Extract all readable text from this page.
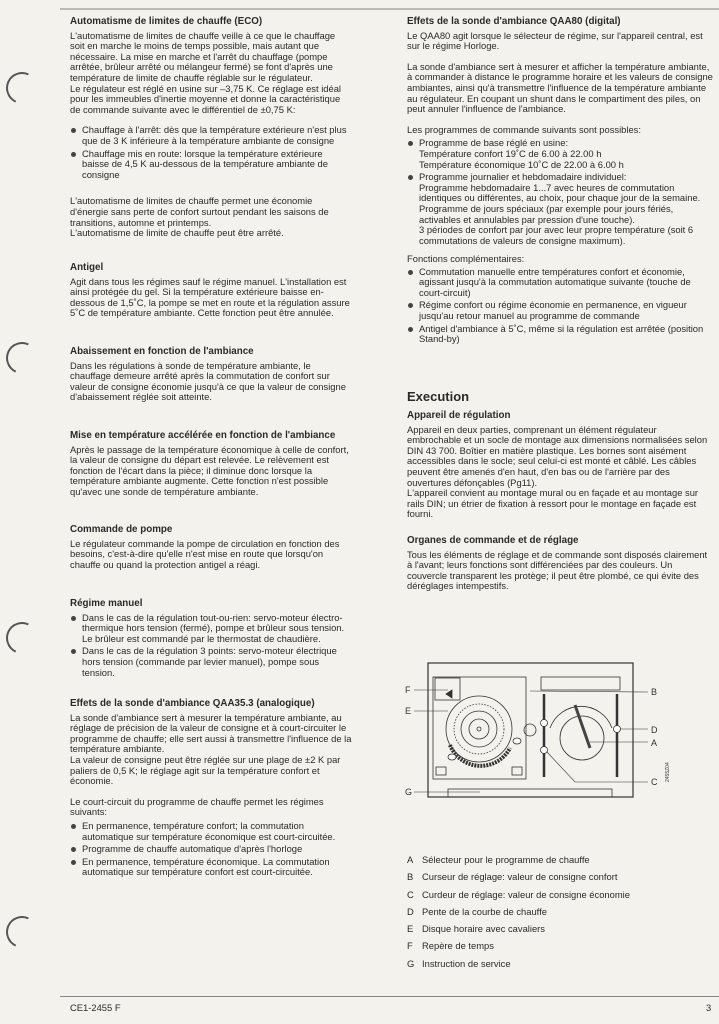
Automatisme de limites de chauffe (ECO)

L'automatisme de limites de chauffe veille à ce que le chauffage soit en marche le moins de temps possible, mais autant que nécessaire. La mise en marche et l'arrêt du chauffage (pompe arrêtée, brûleur arrêté ou mélangeur fermé) se font d'après une température de limite de chauffe réglable sur le régulateur.

Le régulateur est réglé en usine sur –3,75 K. Ce réglage est idéal pour les immeubles d'inertie moyenne et donne la caractéristique de commande suivante avec le différentiel de ±0,75 K:

Chauffage à l'arrêt: dès que la température extérieure n'est plus que de 3 K inférieure à la température ambiante de consigne
Chauffage mis en route: lorsque la température extérieure baisse de 4,5 K au-dessous de la température ambiante de consigne

L'automatisme de limites de chauffe permet une économie d'énergie sans perte de confort surtout pendant les saisons de transitions, automne et printemps.

L'automatisme de limite de chauffe peut être arrêté.

Antigel

Agit dans tous les régimes sauf le régime manuel. L'installation est ainsi protégée du gel. Si la température extérieure baisse en-dessous de 1,5˚C, la pompe se met en route et la régulation assure 5˚C de température ambiante. Cette fonction peut être annulée.

Abaissement en fonction de l'ambiance

Dans les régulations à sonde de température ambiante, le chauffage demeure arrêté après la commutation de confort sur valeur de consigne économie jusqu'à ce que la valeur de consigne d'abaissement réglée soit atteinte.

Mise en température accélérée en fonction de l'ambiance

Après le passage de la température économique à celle de confort, la valeur de consigne du départ est relevée. Le relèvement est fonction de l'écart dans la pièce; il diminue donc lorsque la température ambiante augmente. Cette fonction n'est possible qu'avec une sonde de température ambiante.

Commande de pompe

Le régulateur commande la pompe de circulation en fonction des besoins, c'est-à-dire qu'elle n'est mise en route que lorsqu'on chauffe ou quand la protection antigel a réagi.

Régime manuel
Dans le cas de la régulation tout-ou-rien: servo-moteur électro-thermique hors tension (fermé), pompe et brûleur sous tension. Le brûleur est commandé par le thermostat de chaudière.
Dans le cas de la régulation 3 points: servo-moteur électrique hors tension (commande par levier manuel), pompe sous tension.
Effets de la sonde d'ambiance QAA35.3 (analogique)

La sonde d'ambiance sert à mesurer la température ambiante, au réglage de précision de la valeur de consigne et à court-circuiter le programme de chauffe; elle sert aussi à transmettre l'influence de la température ambiante.

La valeur de consigne peut être réglée sur une plage de ±2 K par paliers de 0,5 K; le réglage agit sur la température confort et économie.

Le court-circuit du programme de chauffe permet les régimes suivants:

En permanence, température confort; la commutation automatique sur température économique est court-circuitée.
Programme de chauffe automatique d'après l'horloge
En permanence, température économique. La commutation automatique sur température confort est court-circuitée.
Effets de la sonde d'ambiance QAA80 (digital)

Le QAA80 agit lorsque le sélecteur de régime, sur l'appareil central, est sur le régime Horloge.

La sonde d'ambiance sert à mesurer et afficher la température ambiante, à commander à distance le programme horaire et les valeurs de consigne ambiantes, ainsi qu'à transmettre l'influence de la température ambiante au régulateur. En coupant un shunt dans le compartiment des piles, on peut annuler l'influence de l'ambiance.

Les programmes de commande suivants sont possibles:

Programme de base réglé en usine:
Température confort 19˚C de 6.00 à 22.00 h
Température économique 10˚C de 22.00 à 6.00 h
Programme journalier et hebdomadaire individuel:
Programme hebdomadaire 1...7 avec heures de commutation identiques ou différentes, au choix, pour chaque jour de la semaine.
Programme de jours spéciaux (par exemple pour jours fériés, activables et annulables par pression d'une touche).
3 périodes de confort par jour avec leur propre température (soit 6 commutations de valeurs de consigne maximum).

Fonctions complémentaires:

Commutation manuelle entre températures confort et économie, agissant jusqu'à la commutation automatique suivante (touche de court-circuit)
Régime confort ou régime économie en permanence, en vigueur jusqu'au retour manuel au programme de commande
Antigel d'ambiance à 5˚C, même si la régulation est arrêtée (position Stand-by)
Execution
Appareil de régulation

Appareil en deux parties, comprenant un élément régulateur embrochable et un socle de montage aux dimensions normalisées selon DIN 43 700. Boîtier en matière plastique. Les bornes sont aisément accessibles dans le socle; seul celui-ci est monté et câblé. Les câbles peuvent être amenés d'en haut, d'en bas ou de l'arrière par des ouvertures défonçables (Pg11).

L'appareil convient au montage mural ou en façade et au montage sur rails DIN; un étrier de fixation à ressort pour le montage en façade est fourni.

Organes de commande et de réglage

Tous les éléments de réglage et de commande sont disposés clairement à l'avant; leurs fonctions sont différenciées par des couleurs. Un couvercle transparent les protège; il peut être plombé, ce qui évite des déréglages intempestifs.

F
E
B
D
A
C
G
2455Z04
A Sélecteur pour le programme de chauffe
B Curseur de réglage: valeur de consigne confort
C Curdeur de réglage: valeur de consigne économie
D Pente de la courbe de chauffe
E Disque horaire avec cavaliers
F Repère de temps
G Instruction de service
CE1-2455 F	3
